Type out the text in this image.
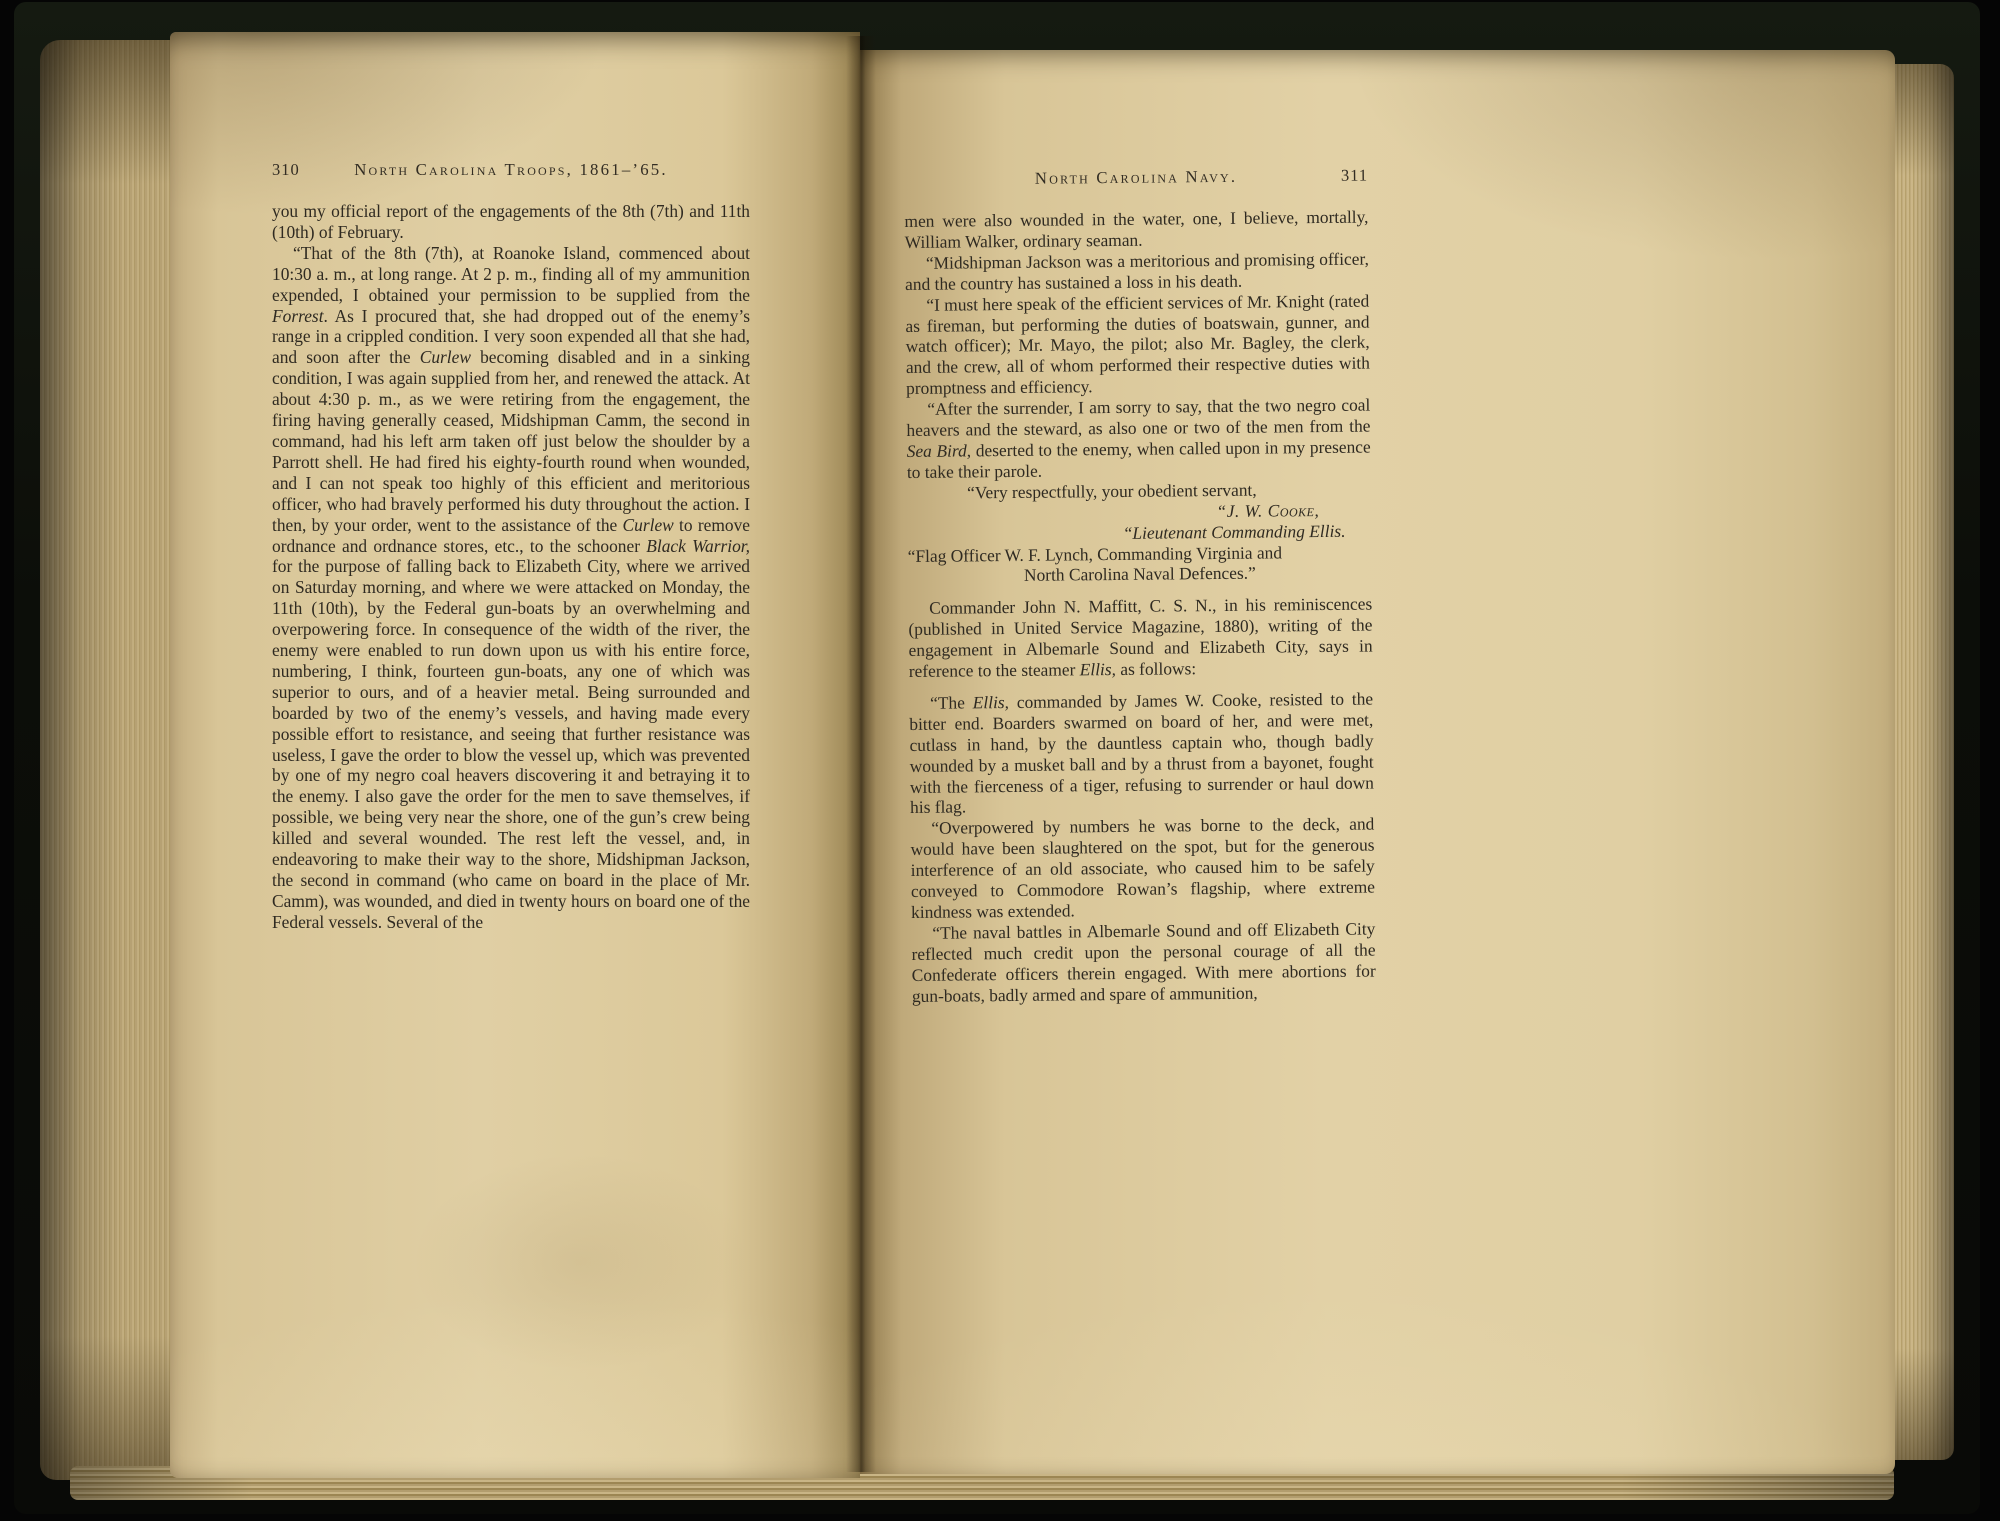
310	North Carolina Troops, 1861–’65.

you my official report of the engagements of the 8th (7th) and 11th (10th) of February.

“That of the 8th (7th), at Roanoke Island, commenced about 10:30 a. m., at long range. At 2 p. m., finding all of my ammunition expended, I obtained your permission to be supplied from the Forrest. As I procured that, she had dropped out of the enemy’s range in a crippled condition. I very soon expended all that she had, and soon after the Curlew becoming disabled and in a sinking condition, I was again supplied from her, and renewed the attack. At about 4:30 p. m., as we were retiring from the engagement, the firing having generally ceased, Midshipman Camm, the second in command, had his left arm taken off just below the shoulder by a Parrott shell. He had fired his eighty-fourth round when wounded, and I can not speak too highly of this efficient and meritorious officer, who had bravely performed his duty throughout the action. I then, by your order, went to the assistance of the Curlew to remove ordnance and ordnance stores, etc., to the schooner Black Warrior, for the purpose of falling back to Elizabeth City, where we arrived on Saturday morning, and where we were attacked on Monday, the 11th (10th), by the Federal gun-boats by an overwhelming and overpowering force. In consequence of the width of the river, the enemy were enabled to run down upon us with his entire force, numbering, I think, fourteen gun-boats, any one of which was superior to ours, and of a heavier metal. Being surrounded and boarded by two of the enemy’s vessels, and having made every possible effort to resistance, and seeing that further resistance was useless, I gave the order to blow the vessel up, which was prevented by one of my negro coal heavers discovering it and betraying it to the enemy. I also gave the order for the men to save themselves, if possible, we being very near the shore, one of the gun’s crew being killed and several wounded. The rest left the vessel, and, in endeavoring to make their way to the shore, Midshipman Jackson, the second in command (who came on board in the place of Mr. Camm), was wounded, and died in twenty hours on board one of the Federal vessels. Several of the

North Carolina Navy.	311

men were also wounded in the water, one, I believe, mortally, William Walker, ordinary seaman.

“Midshipman Jackson was a meritorious and promising officer, and the country has sustained a loss in his death.

“I must here speak of the efficient services of Mr. Knight (rated as fireman, but performing the duties of boatswain, gunner, and watch officer); Mr. Mayo, the pilot; also Mr. Bagley, the clerk, and the crew, all of whom performed their respective duties with promptness and efficiency.

“After the surrender, I am sorry to say, that the two negro coal heavers and the steward, as also one or two of the men from the Sea Bird, deserted to the enemy, when called upon in my presence to take their parole.

“Very respectfully, your obedient servant,

“J. W. Cooke,

“Lieutenant Commanding Ellis.

“Flag Officer W. F. Lynch, Commanding Virginia and

North Carolina Naval Defences.”

Commander John N. Maffitt, C. S. N., in his reminiscences (published in United Service Magazine, 1880), writing of the engagement in Albemarle Sound and Elizabeth City, says in reference to the steamer Ellis, as follows:

“The Ellis, commanded by James W. Cooke, resisted to the bitter end. Boarders swarmed on board of her, and were met, cutlass in hand, by the dauntless captain who, though badly wounded by a musket ball and by a thrust from a bayonet, fought with the fierceness of a tiger, refusing to surrender or haul down his flag.

“Overpowered by numbers he was borne to the deck, and would have been slaughtered on the spot, but for the generous interference of an old associate, who caused him to be safely conveyed to Commodore Rowan’s flagship, where extreme kindness was extended.

“The naval battles in Albemarle Sound and off Elizabeth City reflected much credit upon the personal courage of all the Confederate officers therein engaged. With mere abortions for gun-boats, badly armed and spare of ammunition,
